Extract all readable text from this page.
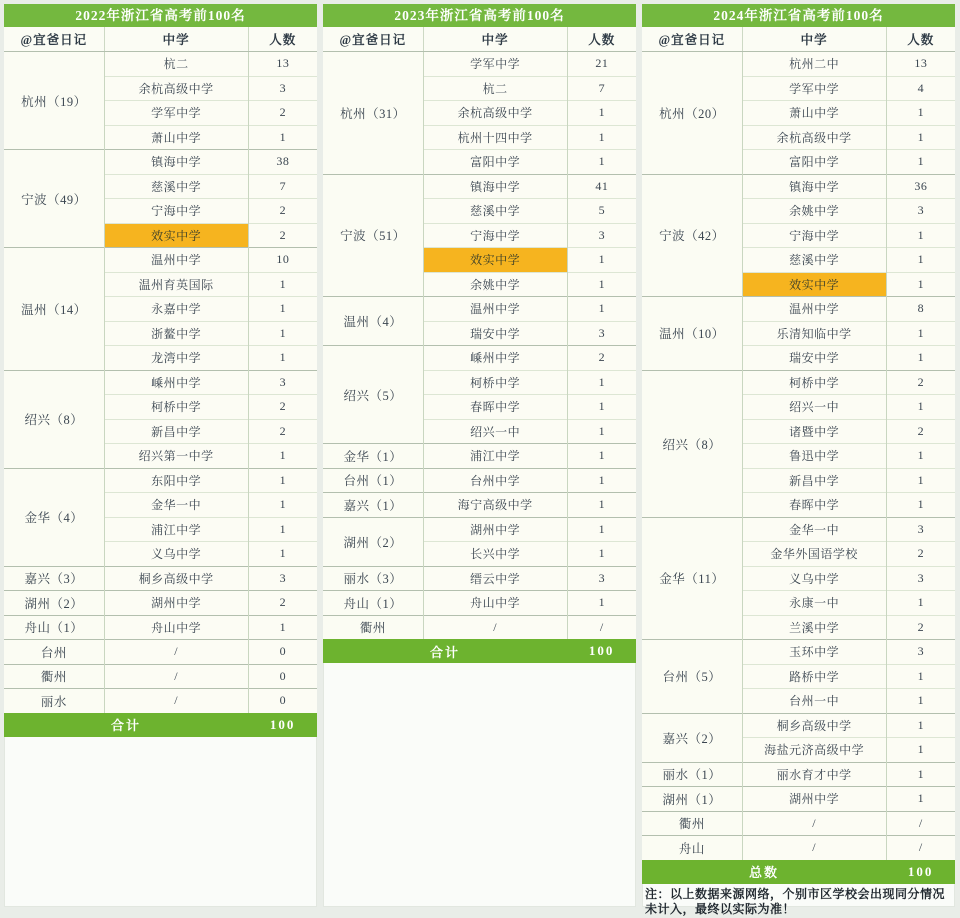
2022年浙江省高考前100名
@宜爸日记	中学	人数
杭州（19）	杭二	13
	余杭高级中学	3
	学军中学	2
	萧山中学	1
宁波（49）	镇海中学	38
	慈溪中学	7
	宁海中学	2
	效实中学	2
温州（14）	温州中学	10
	温州育英国际	1
	永嘉中学	1
	浙鳌中学	1
	龙湾中学	1
绍兴（8）	嵊州中学	3
	柯桥中学	2
	新昌中学	2
	绍兴第一中学	1
金华（4）	东阳中学	1
	金华一中	1
	浦江中学	1
	义乌中学	1
嘉兴（3）	桐乡高级中学	3
湖州（2）	湖州中学	2
舟山（1）	舟山中学	1
台州	/	0
衢州	/	0
丽水	/	0
合计		100
2023年浙江省高考前100名
@宜爸日记	中学	人数
杭州（31）	学军中学	21
	杭二	7
	余杭高级中学	1
	杭州十四中学	1
	富阳中学	1
宁波（51）	镇海中学	41
	慈溪中学	5
	宁海中学	3
	效实中学	1
	余姚中学	1
温州（4）	温州中学	1
	瑞安中学	3
绍兴（5）	嵊州中学	2
	柯桥中学	1
	春晖中学	1
	绍兴一中	1
金华（1）	浦江中学	1
台州（1）	台州中学	1
嘉兴（1）	海宁高级中学	1
湖州（2）	湖州中学	1
	长兴中学	1
丽水（3）	缙云中学	3
舟山（1）	舟山中学	1
衢州	/	/
合计		100
2024年浙江省高考前100名
@宜爸日记	中学	人数
杭州（20）	杭州二中	13
	学军中学	4
	萧山中学	1
	余杭高级中学	1
	富阳中学	1
宁波（42）	镇海中学	36
	余姚中学	3
	宁海中学	1
	慈溪中学	1
	效实中学	1
温州（10）	温州中学	8
	乐清知临中学	1
	瑞安中学	1
绍兴（8）	柯桥中学	2
	绍兴一中	1
	诸暨中学	2
	鲁迅中学	1
	新昌中学	1
	春晖中学	1
金华（11）	金华一中	3
	金华外国语学校	2
	义乌中学	3
	永康一中	1
	兰溪中学	2
台州（5）	玉环中学	3
	路桥中学	1
	台州一中	1
嘉兴（2）	桐乡高级中学	1
	海盐元济高级中学	1
丽水（1）	丽水育才中学	1
湖州（1）	湖州中学	1
衢州	/	/
舟山	/	/
总数		100
注：以上数据来源网络，个别市区学校会出现同分情况未计入，最终以实际为准！
